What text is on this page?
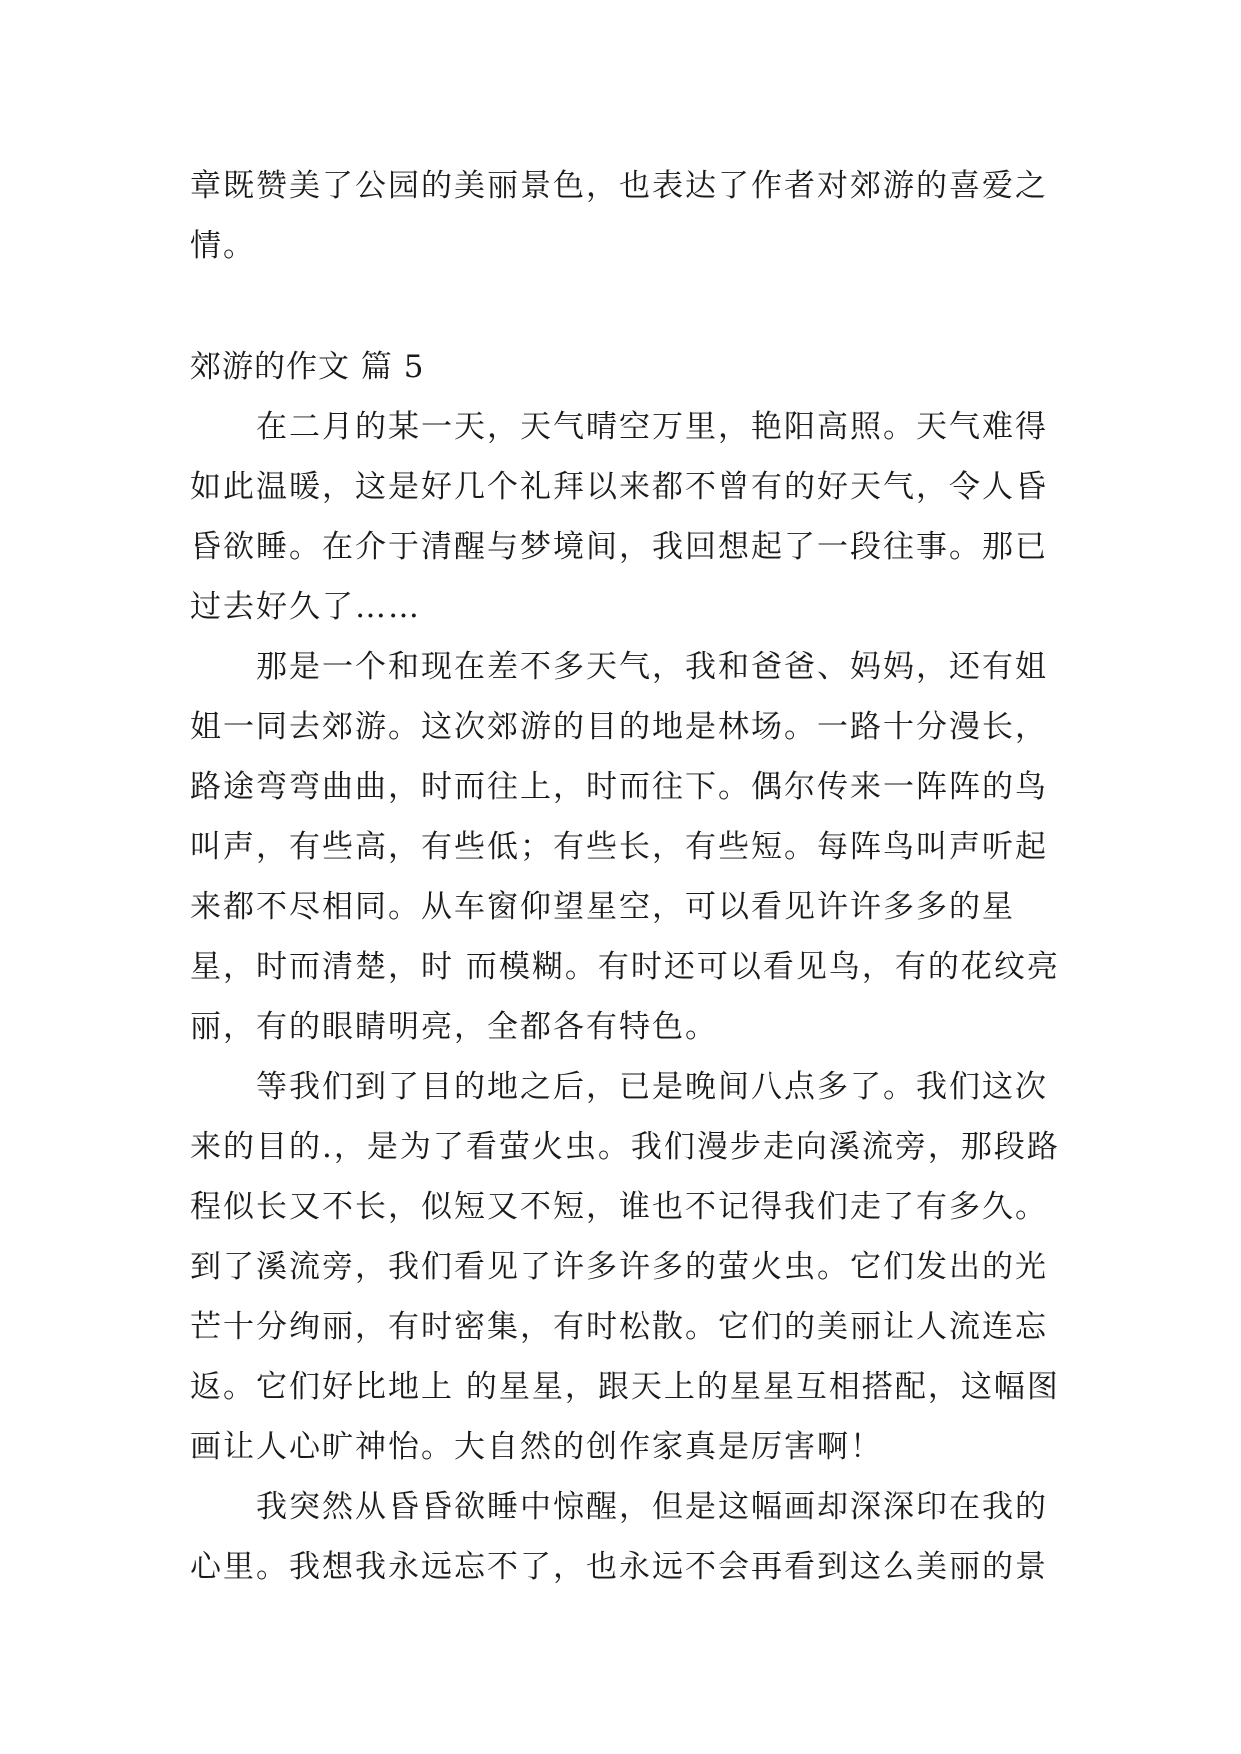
章既赞美了公园的美丽景色，也表达了作者对郊游的喜爱之情。
郊游的作文 篇 5

在二月的某一天，天气晴空万里，艳阳高照。天气难得如此温暖，这是好几个礼拜以来都不曾有的好天气，令人昏昏欲睡。在介于清醒与梦境间，我回想起了一段往事。那已过去好久了……

那是一个和现在差不多天气，我和爸爸、妈妈，还有姐姐一同去郊游。这次郊游的目的地是林场。一路十分漫长，路途弯弯曲曲，时而往上，时而往下。偶尔传来一阵阵的鸟叫声，有些高，有些低；有些长，有些短。每阵鸟叫声听起来都不尽相同。从车窗仰望星空，可以看见许许多多的星星，时而清楚，时 而模糊。有时还可以看见鸟，有的花纹亮丽，有的眼睛明亮，全都各有特色。

等我们到了目的地之后，已是晚间八点多了。我们这次来的目的.，是为了看萤火虫。我们漫步走向溪流旁，那段路程似长又不长，似短又不短，谁也不记得我们走了有多久。到了溪流旁，我们看见了许多许多的萤火虫。它们发出的光芒十分绚丽，有时密集，有时松散。它们的美丽让人流连忘返。它们好比地上 的星星，跟天上的星星互相搭配，这幅图画让人心旷神怡。大自然的创作家真是厉害啊！

我突然从昏昏欲睡中惊醒，但是这幅画却深深印在我的心里。我想我永远忘不了，也永远不会再看到这么美丽的景
